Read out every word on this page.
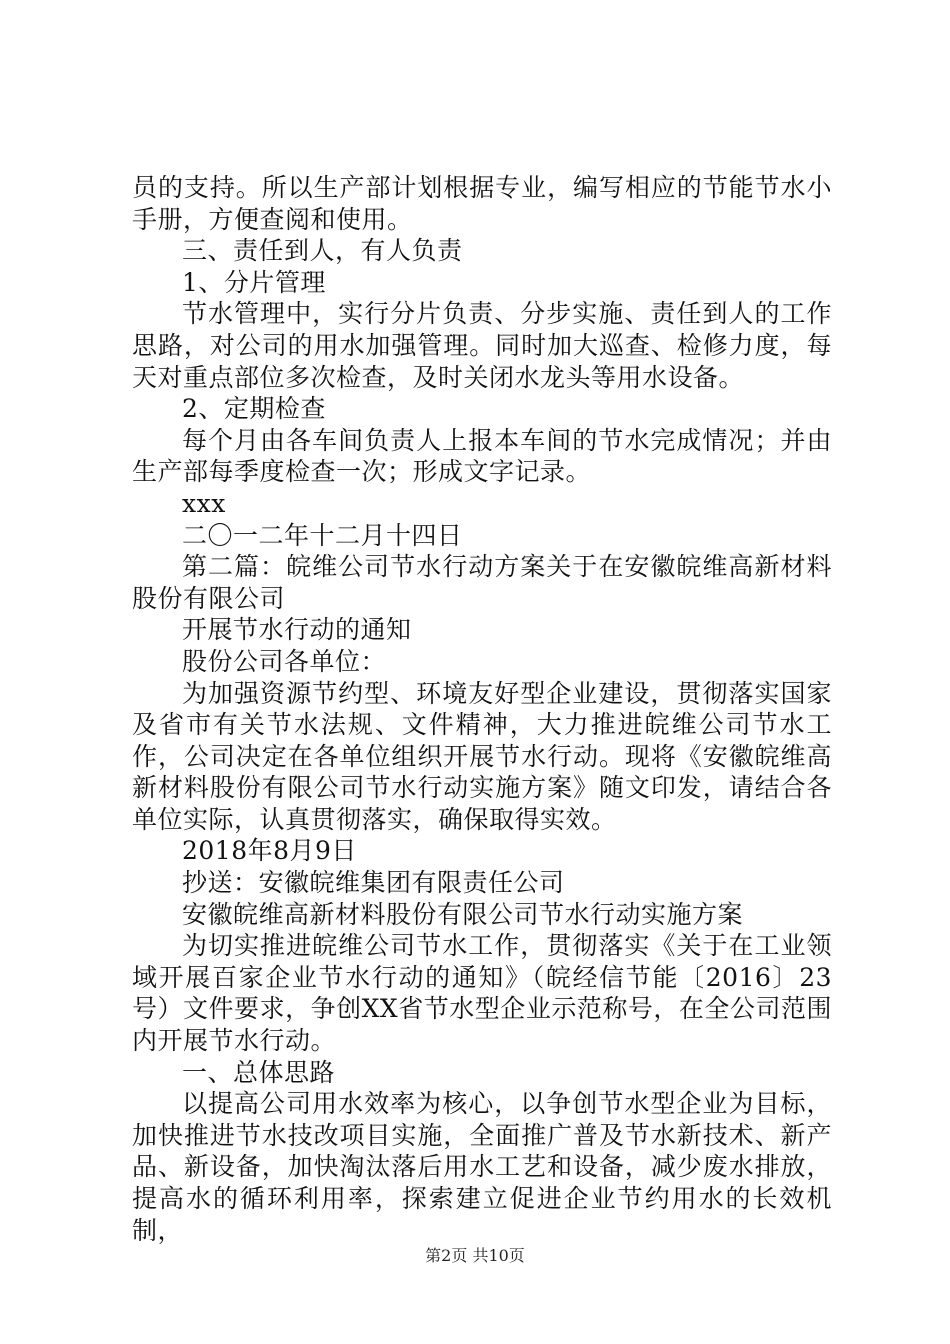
员的支持。所以生产部计划根据专业，编写相应的节能节水小手册，方便查阅和使用。

三、责任到人，有人负责

1、分片管理

节水管理中，实行分片负责、分步实施、责任到人的工作思路，对公司的用水加强管理。同时加大巡查、检修力度，每天对重点部位多次检查，及时关闭水龙头等用水设备。

2、定期检查

每个月由各车间负责人上报本车间的节水完成情况；并由生产部每季度检查一次；形成文字记录。

xxx

二〇一二年十二月十四日

第二篇：皖维公司节水行动方案关于在安徽皖维高新材料股份有限公司

开展节水行动的通知

股份公司各单位：

为加强资源节约型、环境友好型企业建设，贯彻落实国家及省市有关节水法规、文件精神，大力推进皖维公司节水工作，公司决定在各单位组织开展节水行动。现将《安徽皖维高新材料股份有限公司节水行动实施方案》随文印发，请结合各单位实际，认真贯彻落实，确保取得实效。

2018年8月9日

抄送：安徽皖维集团有限责任公司

安徽皖维高新材料股份有限公司节水行动实施方案

为切实推进皖维公司节水工作，贯彻落实《关于在工业领域开展百家企业节水行动的通知》（皖经信节能〔2016〕23号）文件要求，争创XX省节水型企业示范称号，在全公司范围内开展节水行动。

一、总体思路

以提高公司用水效率为核心，以争创节水型企业为目标，加快推进节水技改项目实施，全面推广普及节水新技术、新产品、新设备，加快淘汰落后用水工艺和设备，减少废水排放，提高水的循环利用率，探索建立促进企业节约用水的长效机制，

第2页 共10页
